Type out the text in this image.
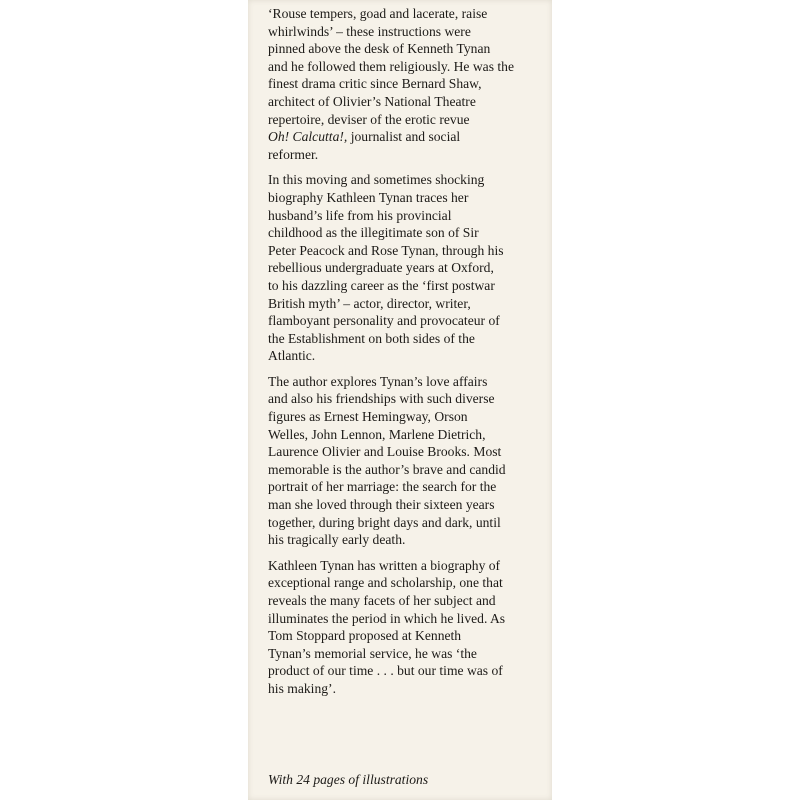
‘Rouse tempers, goad and lacerate, raise
whirlwinds’ – these instructions were
pinned above the desk of Kenneth Tynan
and he followed them religiously. He was the
finest drama critic since Bernard Shaw,
architect of Olivier’s National Theatre
repertoire, deviser of the erotic revue
Oh! Calcutta!, journalist and social
reformer.

In this moving and sometimes shocking
biography Kathleen Tynan traces her
husband’s life from his provincial
childhood as the illegitimate son of Sir
Peter Peacock and Rose Tynan, through his
rebellious undergraduate years at Oxford,
to his dazzling career as the ‘first postwar
British myth’ – actor, director, writer,
flamboyant personality and provocateur of
the Establishment on both sides of the
Atlantic.

The author explores Tynan’s love affairs
and also his friendships with such diverse
figures as Ernest Hemingway, Orson
Welles, John Lennon, Marlene Dietrich,
Laurence Olivier and Louise Brooks. Most
memorable is the author’s brave and candid
portrait of her marriage: the search for the
man she loved through their sixteen years
together, during bright days and dark, until
his tragically early death.

Kathleen Tynan has written a biography of
exceptional range and scholarship, one that
reveals the many facets of her subject and
illuminates the period in which he lived. As
Tom Stoppard proposed at Kenneth
Tynan’s memorial service, he was ‘the
product of our time . . . but our time was of
his making’.

With 24 pages of illustrations
